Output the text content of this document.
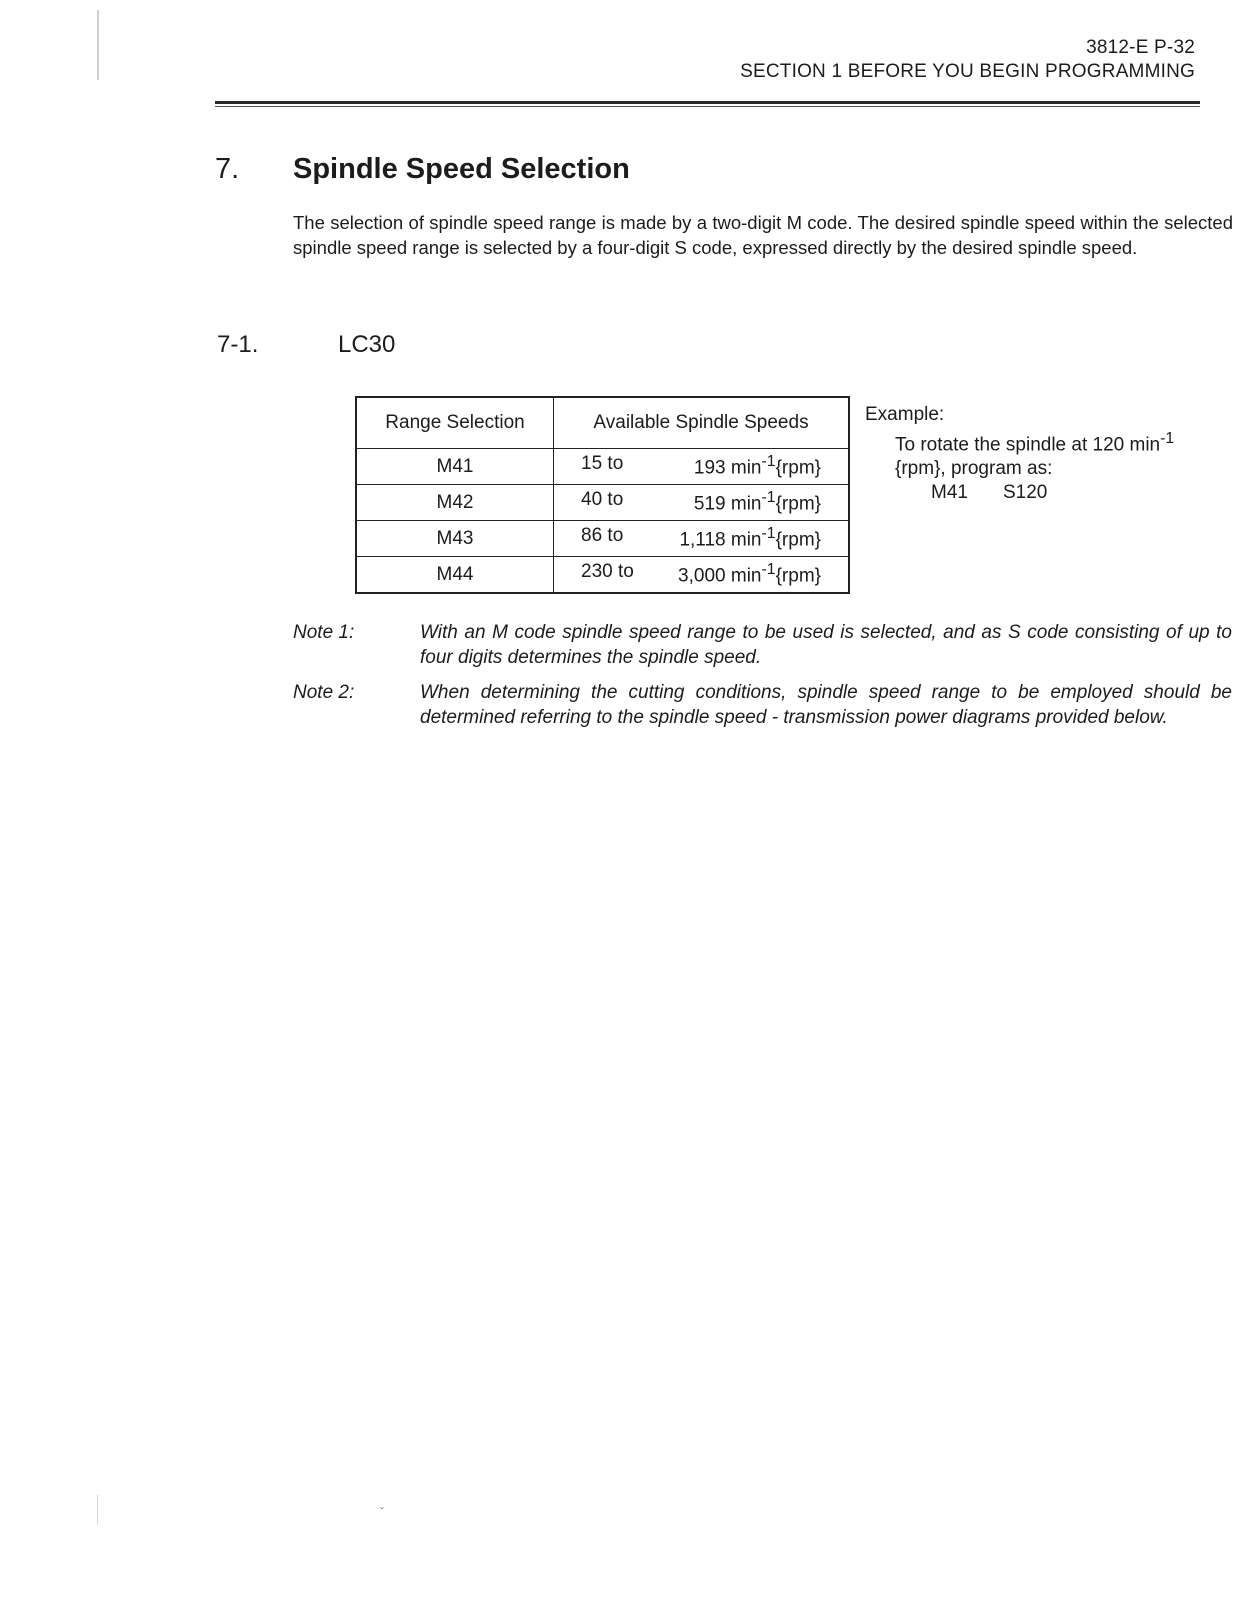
3812-E P-32
SECTION 1 BEFORE YOU BEGIN PROGRAMMING
7. Spindle Speed Selection
The selection of spindle speed range is made by a two-digit M code. The desired spindle speed within the selected spindle speed range is selected by a four-digit S code, expressed directly by the desired spindle speed.
7-1.	LC30
Range Selection	Available Spindle Speeds
M41	15 to 193 $\min^{-1}\{rpm\}$

M42	40 to 519 $\min^{-1}\{rpm\}$

M43	86 to 1,118 $\min^{-1}\{rpm\}$

M44	230 to 3,000 $\min^{-1}\{rpm\}$
Example:
To rotate the spindle at 120 $\min^{-1}$
{rpm}, program as:
M41 S120
Note 1:	With an M code spindle speed range to be used is selected, and as S code consisting of up to four digits determines the spindle speed.
Note 2:	When determining the cutting conditions, spindle speed range to be employed should be determined referring to the spindle speed - transmission power diagrams provided below.
ˇ
